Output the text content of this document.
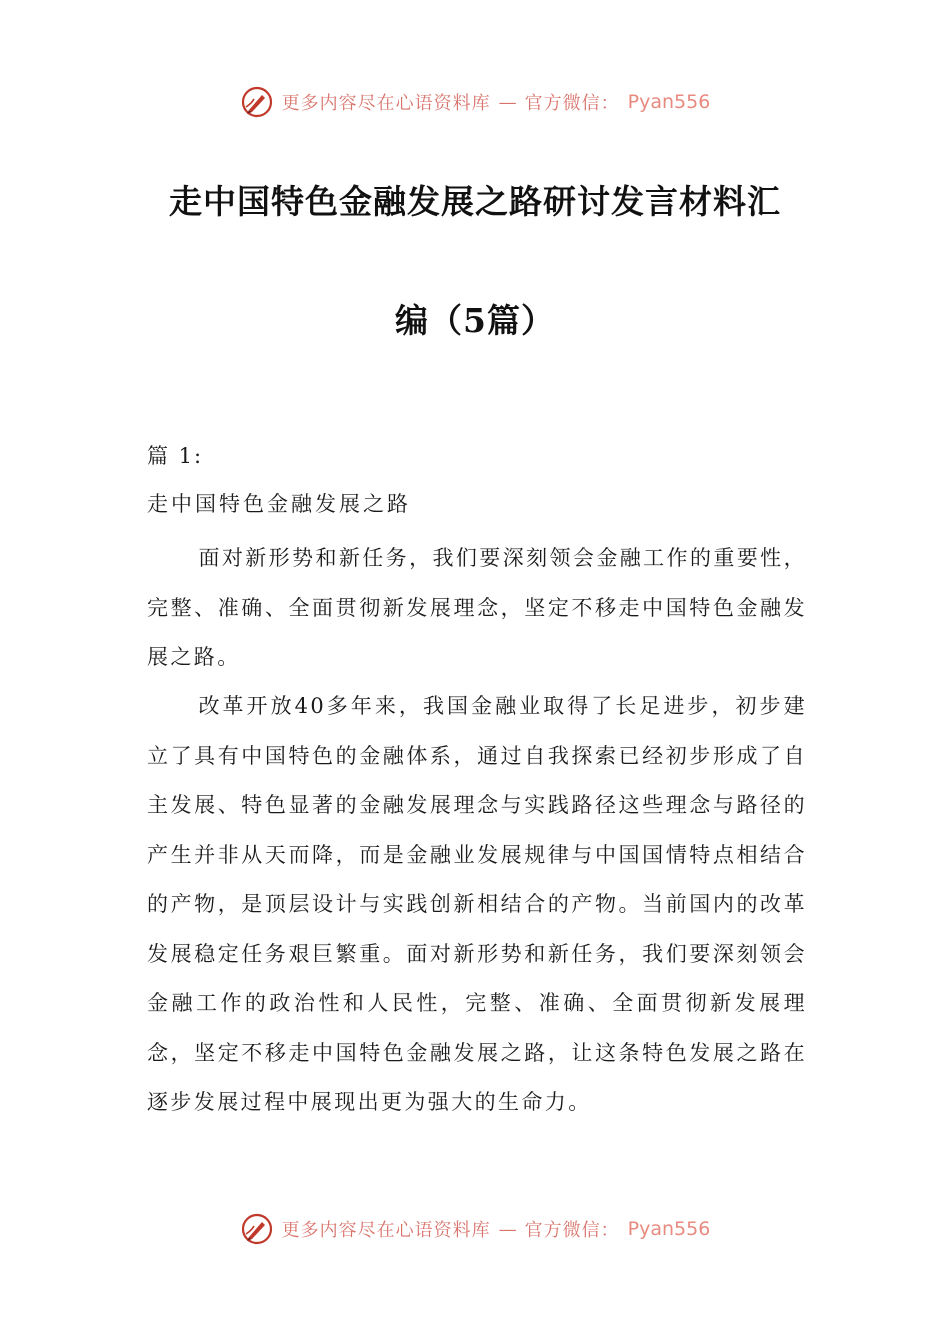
更多内容尽在心语资料库 — 官方微信： Pyan556
走中国特色金融发展之路研讨发言材料汇
编（5篇）
篇 1:
走中国特色金融发展之路

面对新形势和新任务，我们要深刻领会金融工作的重要性，完整、准确、全面贯彻新发展理念，坚定不移走中国特色金融发展之路。

改革开放40多年来，我国金融业取得了长足进步，初步建立了具有中国特色的金融体系，通过自我探索已经初步形成了自主发展、特色显著的金融发展理念与实践路径这些理念与路径的产生并非从天而降，而是金融业发展规律与中国国情特点相结合的产物，是顶层设计与实践创新相结合的产物。当前国内的改革发展稳定任务艰巨繁重。面对新形势和新任务，我们要深刻领会金融工作的政治性和人民性，完整、准确、全面贯彻新发展理念，坚定不移走中国特色金融发展之路，让这条特色发展之路在逐步发展过程中展现出更为强大的生命力。

更多内容尽在心语资料库 — 官方微信： Pyan556
